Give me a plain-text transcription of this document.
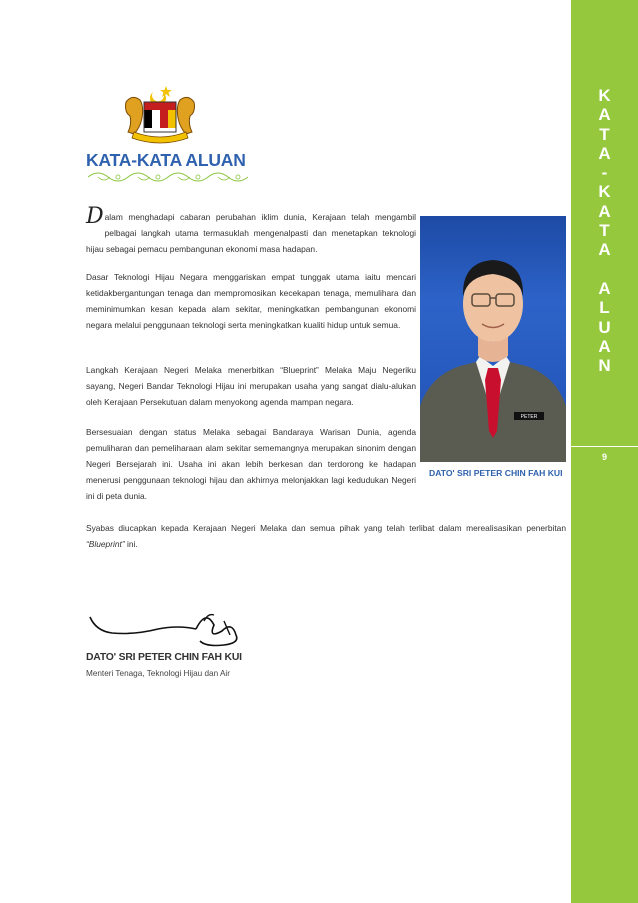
K
A
T
A
-
K
A
T
A

A
L
U
A
N
9
KATA-KATA ALUAN
D alam menghadapi cabaran perubahan iklim dunia, Kerajaan telah mengambil pelbagai langkah utama termasuklah mengenalpasti dan menetapkan teknologi hijau sebagai pemacu pembangunan ekonomi masa hadapan.
Dasar Teknologi Hijau Negara menggariskan empat tunggak utama iaitu mencari ketidakbergantungan tenaga dan mempromosikan kecekapan tenaga, memulihara dan meminimumkan kesan kepada alam sekitar, meningkatkan pembangunan ekonomi negara melalui penggunaan teknologi serta meningkatkan kualiti hidup untuk semua.
Langkah Kerajaan Negeri Melaka menerbitkan “Blueprint” Melaka Maju Negeriku sayang, Negeri Bandar Teknologi Hijau ini merupakan usaha yang sangat dialu-alukan oleh Kerajaan Persekutuan dalam menyokong agenda mampan negara.
Bersesuaian dengan status Melaka sebagai Bandaraya Warisan Dunia, agenda pemuliharan dan pemeliharaan alam sekitar sememangnya merupakan sinonim dengan Negeri Bersejarah ini. Usaha ini akan lebih berkesan dan terdorong ke hadapan menerusi penggunaan teknologi hijau dan akhirnya melonjakkan lagi kedudukan Negeri ini di peta dunia.
Syabas diucapkan kepada Kerajaan Negeri Melaka dan semua pihak yang telah terlibat dalam merealisasikan penerbitan “Blueprint” ini.
PETER
DATO' SRI PETER CHIN FAH KUI
DATO' SRI PETER CHIN FAH KUI
Menteri Tenaga, Teknologi Hijau dan Air
